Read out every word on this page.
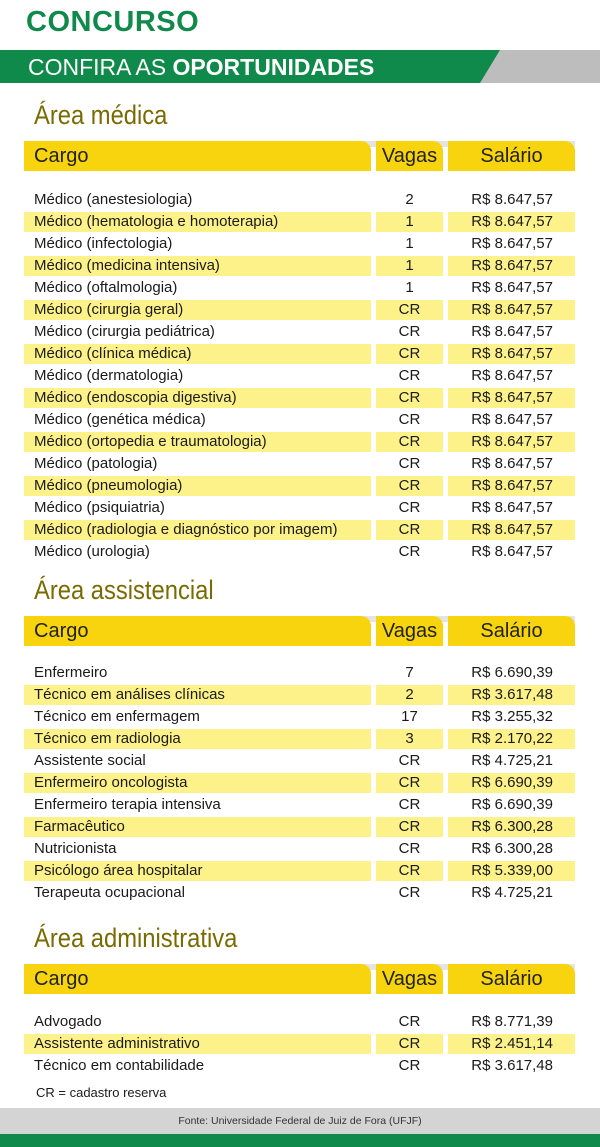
CONCURSO
CONFIRA AS OPORTUNIDADES
Área médica
Cargo	Vagas	Salário
Médico (anestesiologia)	2	R$ 8.647,57
Médico (hematologia e homoterapia)	1	R$ 8.647,57
Médico (infectologia)	1	R$ 8.647,57
Médico (medicina intensiva)	1	R$ 8.647,57
Médico (oftalmologia)	1	R$ 8.647,57
Médico (cirurgia geral)	CR	R$ 8.647,57
Médico (cirurgia pediátrica)	CR	R$ 8.647,57
Médico (clínica médica)	CR	R$ 8.647,57
Médico (dermatologia)	CR	R$ 8.647,57
Médico (endoscopia digestiva)	CR	R$ 8.647,57
Médico (genética médica)	CR	R$ 8.647,57
Médico (ortopedia e traumatologia)	CR	R$ 8.647,57
Médico (patologia)	CR	R$ 8.647,57
Médico (pneumologia)	CR	R$ 8.647,57
Médico (psiquiatria)	CR	R$ 8.647,57
Médico (radiologia e diagnóstico por imagem)	CR	R$ 8.647,57
Médico (urologia)	CR	R$ 8.647,57
Área assistencial
Cargo	Vagas	Salário
Enfermeiro	7	R$ 6.690,39
Técnico em análises clínicas	2	R$ 3.617,48
Técnico em enfermagem	17	R$ 3.255,32
Técnico em radiologia	3	R$ 2.170,22
Assistente social	CR	R$ 4.725,21
Enfermeiro oncologista	CR	R$ 6.690,39
Enfermeiro terapia intensiva	CR	R$ 6.690,39
Farmacêutico	CR	R$ 6.300,28
Nutricionista	CR	R$ 6.300,28
Psicólogo área hospitalar	CR	R$ 5.339,00
Terapeuta ocupacional	CR	R$ 4.725,21
Área administrativa
Cargo	Vagas	Salário
Advogado	CR	R$ 8.771,39
Assistente administrativo	CR	R$ 2.451,14
Técnico em contabilidade	CR	R$ 3.617,48
CR = cadastro reserva
Fonte: Universidade Federal de Juiz de Fora (UFJF)
